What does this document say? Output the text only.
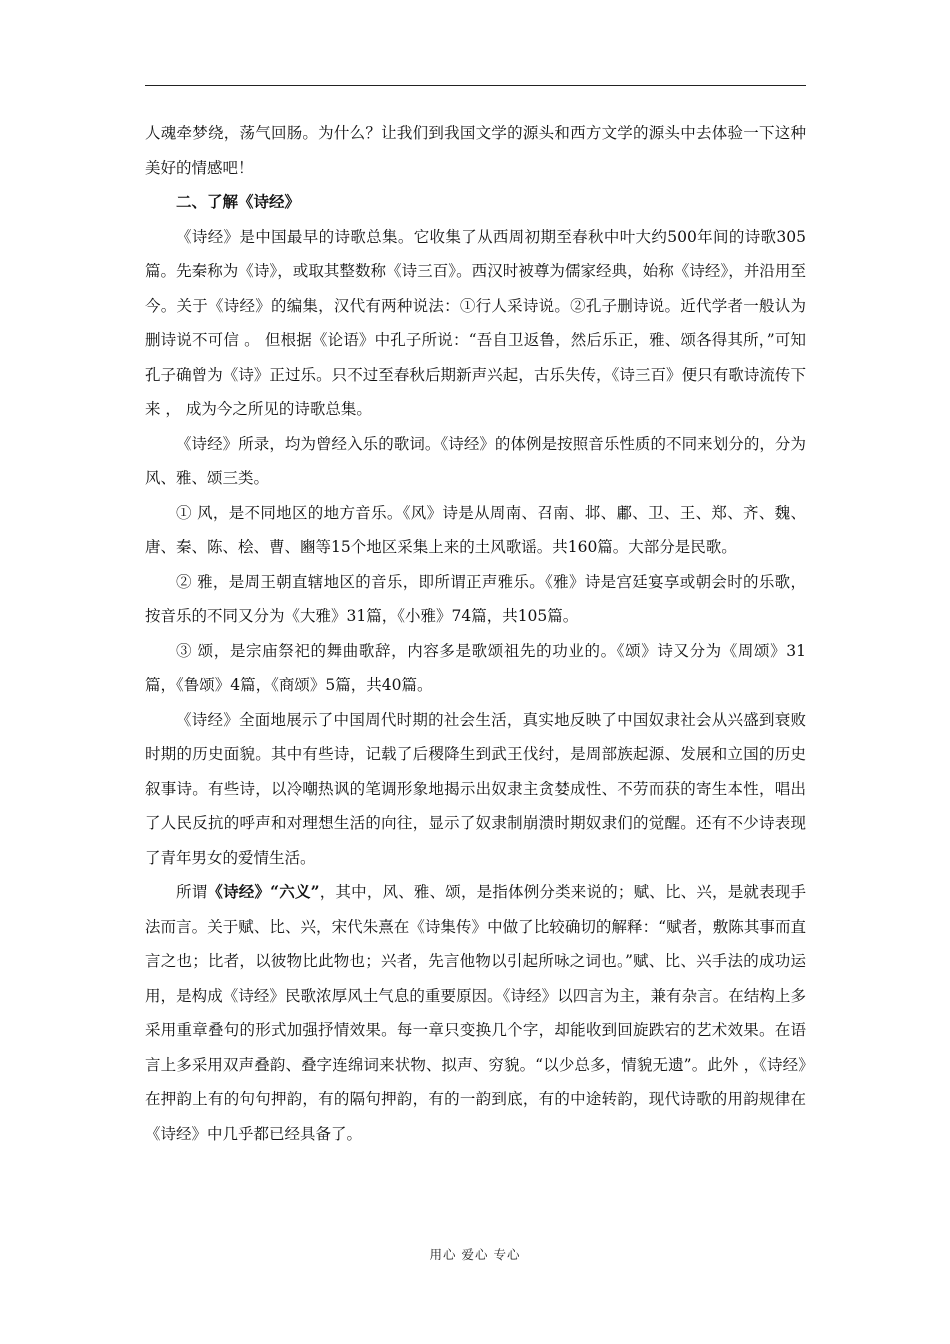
人魂牵梦绕，荡气回肠。为什么？让我们到我国文学的源头和西方文学的源头中去体验一下这种美好的情感吧！

二、了解《诗经》

《诗经》是中国最早的诗歌总集。它收集了从西周初期至春秋中叶大约500年间的诗歌305篇。先秦称为《诗》，或取其整数称《诗三百》。西汉时被尊为儒家经典，始称《诗经》，并沿用至今。关于《诗经》的编集，汉代有两种说法：①行人采诗说。②孔子删诗说。近代学者一般认为删诗说不可信 。 但根据《论语》中孔子所说：“吾自卫返鲁，然后乐正，雅、颂各得其所，”可知孔子确曾为《诗》正过乐。只不过至春秋后期新声兴起，古乐失传，《诗三百》便只有歌诗流传下来 ， 成为今之所见的诗歌总集。

《诗经》所录，均为曾经入乐的歌词。《诗经》的体例是按照音乐性质的不同来划分的，分为风、雅、颂三类。

① 风，是不同地区的地方音乐。《风》诗是从周南、召南、邶、鄘、卫、王、郑、齐、魏、唐、秦、陈、桧、曹、豳等15个地区采集上来的土风歌谣。共160篇。大部分是民歌。

② 雅，是周王朝直辖地区的音乐，即所谓正声雅乐。《雅》诗是宫廷宴享或朝会时的乐歌，按音乐的不同又分为《大雅》31篇，《小雅》74篇，共105篇。

③ 颂，是宗庙祭祀的舞曲歌辞，内容多是歌颂祖先的功业的。《颂》诗又分为《周颂》31篇，《鲁颂》4篇，《商颂》5篇，共40篇。

《诗经》全面地展示了中国周代时期的社会生活，真实地反映了中国奴隶社会从兴盛到衰败时期的历史面貌。其中有些诗，记载了后稷降生到武王伐纣，是周部族起源、发展和立国的历史叙事诗。有些诗，以冷嘲热讽的笔调形象地揭示出奴隶主贪婪成性、不劳而获的寄生本性，唱出了人民反抗的呼声和对理想生活的向往，显示了奴隶制崩溃时期奴隶们的觉醒。还有不少诗表现了青年男女的爱情生活。

所谓《诗经》“六义”，其中，风、雅、颂，是指体例分类来说的；赋、比、兴，是就表现手法而言。关于赋、比、兴，宋代朱熹在《诗集传》中做了比较确切的解释：“赋者，敷陈其事而直言之也；比者，以彼物比此物也；兴者，先言他物以引起所咏之词也。”赋、比、兴手法的成功运用，是构成《诗经》民歌浓厚风土气息的重要原因。《诗经》以四言为主，兼有杂言。在结构上多采用重章叠句的形式加强抒情效果。每一章只变换几个字，却能收到回旋跌宕的艺术效果。在语言上多采用双声叠韵、叠字连绵词来状物、拟声、穷貌。“以少总多，情貌无遗”。此外 ，《诗经》在押韵上有的句句押韵，有的隔句押韵，有的一韵到底，有的中途转韵，现代诗歌的用韵规律在《诗经》中几乎都已经具备了。

用心 爱心 专心
